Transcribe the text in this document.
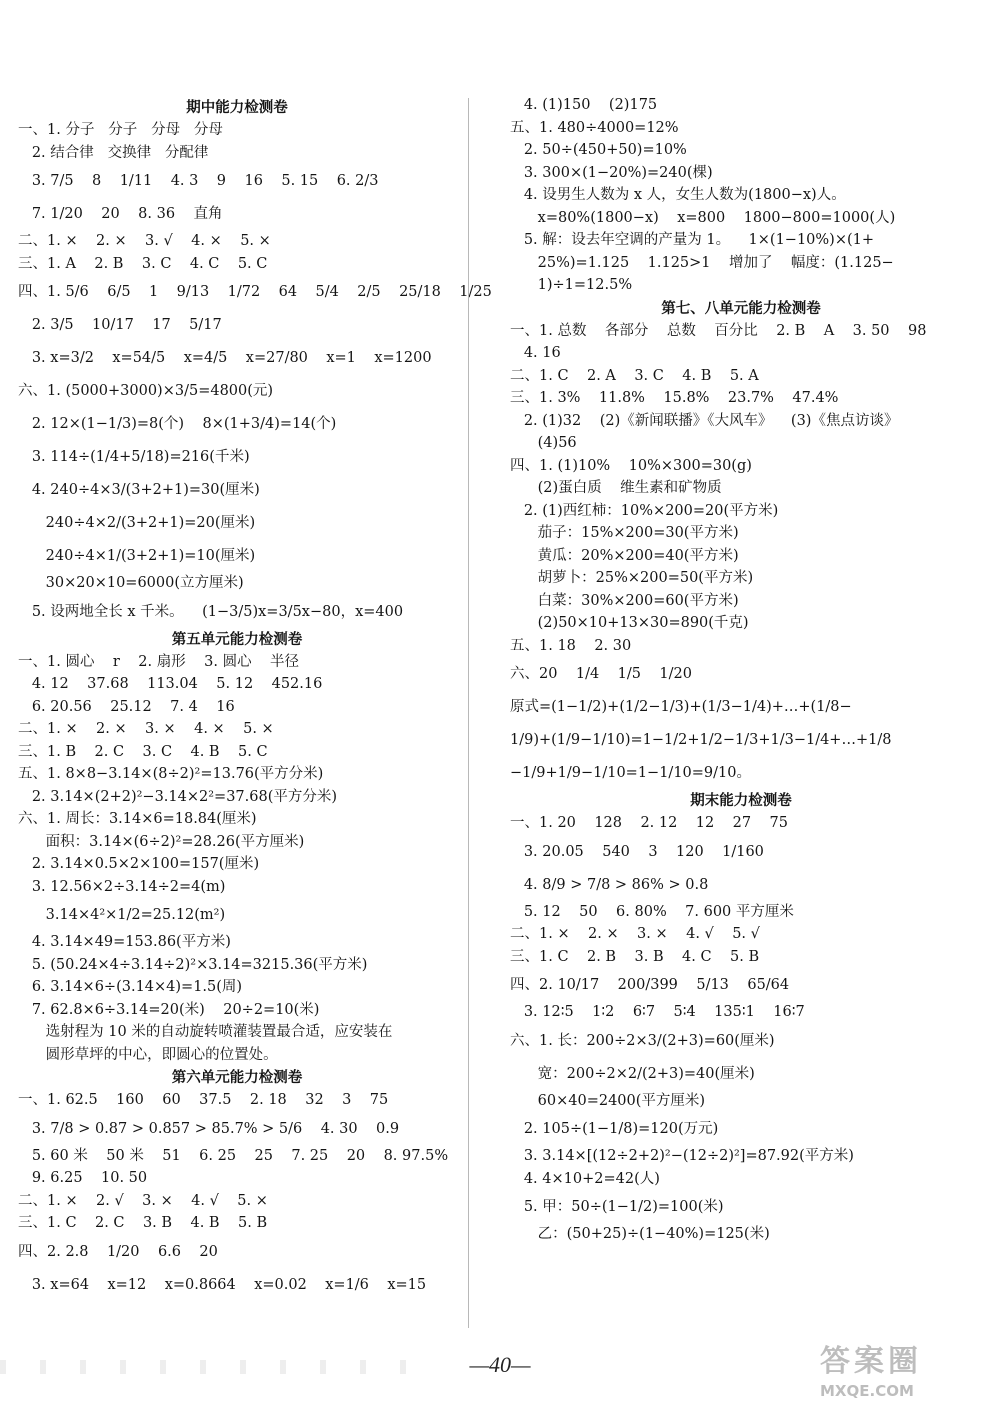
期中能力检测卷
一、1. 分子   分子   分母   分母
2. 结合律   交换律   分配律
3. 7/5    8    1/11    4. 3    9    16    5. 15    6. 2/3
7. 1/20    20    8. 36    直角
二、1. ×    2. ×    3. √    4. ×    5. ×
三、1. A    2. B    3. C    4. C    5. C
四、1. 5/6    6/5    1    9/13    1/72    64    5/4    2/5    25/18    1/25
2. 3/5    10/17    17    5/17
3. x=3/2    x=54/5    x=4/5    x=27/80    x=1    x=1200
六、1. (5000+3000)×3/5=4800(元)
2. 12×(1−1/3)=8(个)    8×(1+3/4)=14(个)
3. 114÷(1/4+5/18)=216(千米)
4. 240÷4×3/(3+2+1)=30(厘米)
240÷4×2/(3+2+1)=20(厘米)
240÷4×1/(3+2+1)=10(厘米)
30×20×10=6000(立方厘米)
5. 设两地全长 x 千米。    (1−3/5)x=3/5x−80，x=400
第五单元能力检测卷
一、1. 圆心    r    2. 扇形    3. 圆心    半径
4. 12    37.68    113.04    5. 12    452.16
6. 20.56    25.12    7. 4    16
二、1. ×    2. ×    3. ×    4. ×    5. ×
三、1. B    2. C    3. C    4. B    5. C
五、1. 8×8−3.14×(8÷2)²=13.76(平方分米)
2. 3.14×(2+2)²−3.14×2²=37.68(平方分米)
六、1. 周长：3.14×6=18.84(厘米)
面积：3.14×(6÷2)²=28.26(平方厘米)
2. 3.14×0.5×2×100=157(厘米)
3. 12.56×2÷3.14÷2=4(m)
3.14×4²×1/2=25.12(m²)
4. 3.14×49=153.86(平方米)
5. (50.24×4÷3.14÷2)²×3.14=3215.36(平方米)
6. 3.14×6÷(3.14×4)=1.5(周)
7. 62.8×6÷3.14=20(米)    20÷2=10(米)
选射程为 10 米的自动旋转喷灌装置最合适，应安装在
圆形草坪的中心，即圆心的位置处。
第六单元能力检测卷
一、1. 62.5    160    60    37.5    2. 18    32    3    75
3. 7/8 > 0.87 > 0.857 > 85.7% > 5/6    4. 30    0.9
5. 60 米    50 米    51    6. 25    25    7. 25    20    8. 97.5%
9. 6.25    10. 50
二、1. ×    2. √    3. ×    4. √    5. ×
三、1. C    2. C    3. B    4. B    5. B
四、2. 2.8    1/20    6.6    20
3. x=64    x=12    x=0.8664    x=0.02    x=1/6    x=15
4. (1)150    (2)175
五、1. 480÷4000=12%
2. 50÷(450+50)=10%
3. 300×(1−20%)=240(棵)
4. 设男生人数为 x 人，女生人数为(1800−x)人。
x=80%(1800−x)    x=800    1800−800=1000(人)
5. 解：设去年空调的产量为 1。    1×(1−10%)×(1+
25%)=1.125    1.125>1    增加了    幅度：(1.125−
1)÷1=12.5%
第七、八单元能力检测卷
一、1. 总数    各部分    总数    百分比    2. B    A    3. 50    98
4. 16
二、1. C    2. A    3. C    4. B    5. A
三、1. 3%    11.8%    15.8%    23.7%    47.4%
2. (1)32    (2)《新闻联播》《大风车》    (3)《焦点访谈》
(4)56
四、1. (1)10%    10%×300=30(g)
(2)蛋白质    维生素和矿物质
2. (1)西红柿：10%×200=20(平方米)
茄子：15%×200=30(平方米)
黄瓜：20%×200=40(平方米)
胡萝卜：25%×200=50(平方米)
白菜：30%×200=60(平方米)
(2)50×10+13×30=890(千克)
五、1. 18    2. 30
六、20    1/4    1/5    1/20
原式=(1−1/2)+(1/2−1/3)+(1/3−1/4)+…+(1/8−
1/9)+(1/9−1/10)=1−1/2+1/2−1/3+1/3−1/4+…+1/8
−1/9+1/9−1/10=1−1/10=9/10。
期末能力检测卷
一、1. 20    128    2. 12    12    27    75
3. 20.05    540    3    120    1/160
4. 8/9 > 7/8 > 86% > 0.8
5. 12    50    6. 80%    7. 600 平方厘米
二、1. ×    2. ×    3. ×    4. √    5. √
三、1. C    2. B    3. B    4. C    5. B
四、2. 10/17    200/399    5/13    65/64
3. 12∶5    1∶2    6∶7    5∶4    135∶1    16∶7
六、1. 长：200÷2×3/(2+3)=60(厘米)
宽：200÷2×2/(2+3)=40(厘米)
60×40=2400(平方厘米)
2. 105÷(1−1/8)=120(万元)
3. 3.14×[(12÷2+2)²−(12÷2)²]=87.92(平方米)
4. 4×10+2=42(人)
5. 甲：50÷(1−1/2)=100(米)
乙：(50+25)÷(1−40%)=125(米)
—40—	答案圈
MXQE.COM
